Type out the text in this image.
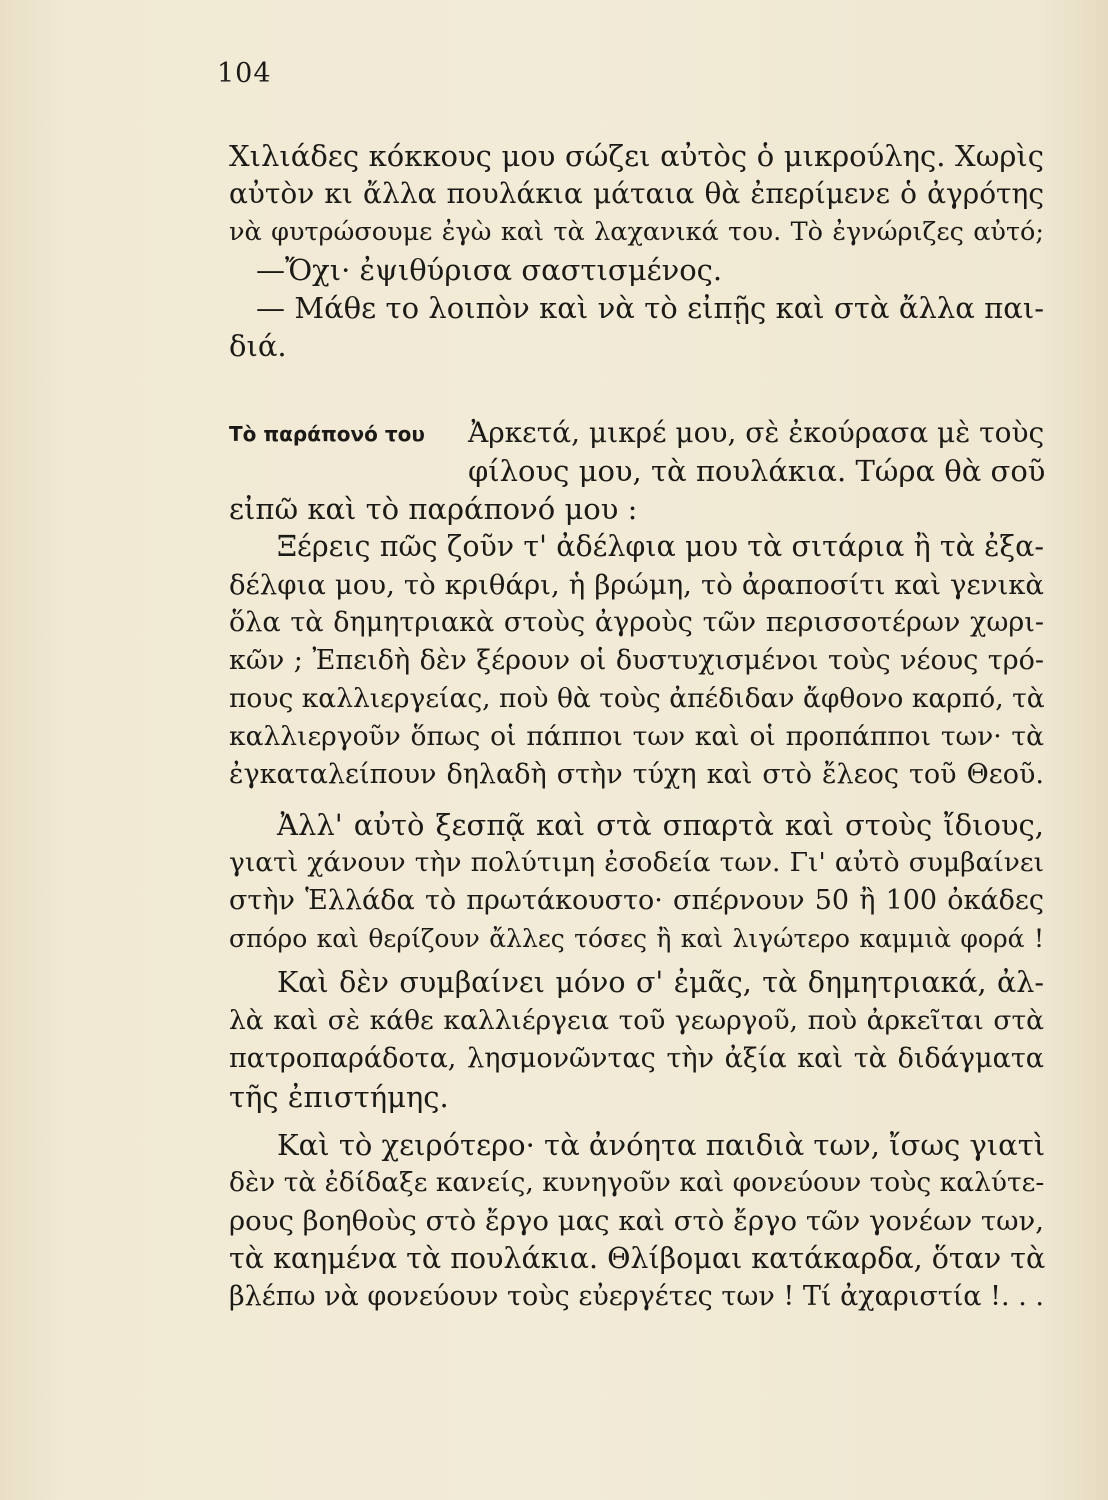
104
Χιλιάδες κόκκους μου σώζει αὐτὸς ὁ μικρούλης. Χωρὶς
αὐτὸν κι ἄλλα πουλάκια μάταια θὰ ἐπερίμενε ὁ ἀγρότης
νὰ φυτρώσουμε ἐγὼ καὶ τὰ λαχανικά του. Τὸ ἐγνώριζες αὐτό;
—Ὄχι· ἐψιθύρισα σαστισμένος.
— Μάθε το λοιπὸν καὶ νὰ τὸ εἰπῇς καὶ στὰ ἄλλα παι-
διά.
Τὸ παράπονό του Ἀρκετά, μικρέ μου, σὲ ἐκούρασα μὲ τοὺς
φίλους μου, τὰ πουλάκια. Τώρα θὰ σοῦ
εἰπῶ καὶ τὸ παράπονό μου :
Ξέρεις πῶς ζοῦν τ' ἀδέλφια μου τὰ σιτάρια ἢ τὰ ἐξα-
δέλφια μου, τὸ κριθάρι, ἡ βρώμη, τὸ ἀραποσίτι καὶ γενικὰ
ὅλα τὰ δημητριακὰ στοὺς ἀγροὺς τῶν περισσοτέρων χωρι-
κῶν ; Ἐπειδὴ δὲν ξέρουν οἱ δυστυχισμένοι τοὺς νέους τρό-
πους καλλιεργείας, ποὺ θὰ τοὺς ἀπέδιδαν ἄφθονο καρπό, τὰ
καλλιεργοῦν ὅπως οἱ πάπποι των καὶ οἱ προπάπποι των· τὰ
ἐγκαταλείπουν δηλαδὴ στὴν τύχη καὶ στὸ ἔλεος τοῦ Θεοῦ.
Ἀλλ' αὐτὸ ξεσπᾷ καὶ στὰ σπαρτὰ καὶ στοὺς ἴδιους,
γιατὶ χάνουν τὴν πολύτιμη ἐσοδεία των. Γι' αὐτὸ συμβαίνει
στὴν Ἑλλάδα τὸ πρωτάκουστο· σπέρνουν 50 ἢ 100 ὀκάδες
σπόρο καὶ θερίζουν ἄλλες τόσες ἢ καὶ λιγώτερο καμμιὰ φορά !
Καὶ δὲν συμβαίνει μόνο σ' ἐμᾶς, τὰ δημητριακά, ἀλ-
λὰ καὶ σὲ κάθε καλλιέργεια τοῦ γεωργοῦ, ποὺ ἀρκεῖται στὰ
πατροπαράδοτα, λησμονῶντας τὴν ἀξία καὶ τὰ διδάγματα
τῆς ἐπιστήμης.
Καὶ τὸ χειρότερο· τὰ ἀνόητα παιδιὰ των, ἴσως γιατὶ
δὲν τὰ ἐδίδαξε κανείς, κυνηγοῦν καὶ φονεύουν τοὺς καλύτε-
ρους βοηθοὺς στὸ ἔργο μας καὶ στὸ ἔργο τῶν γονέων των,
τὰ καημένα τὰ πουλάκια. Θλίβομαι κατάκαρδα, ὅταν τὰ
βλέπω νὰ φονεύουν τοὺς εὐεργέτες των ! Τί ἀχαριστία !. . .
